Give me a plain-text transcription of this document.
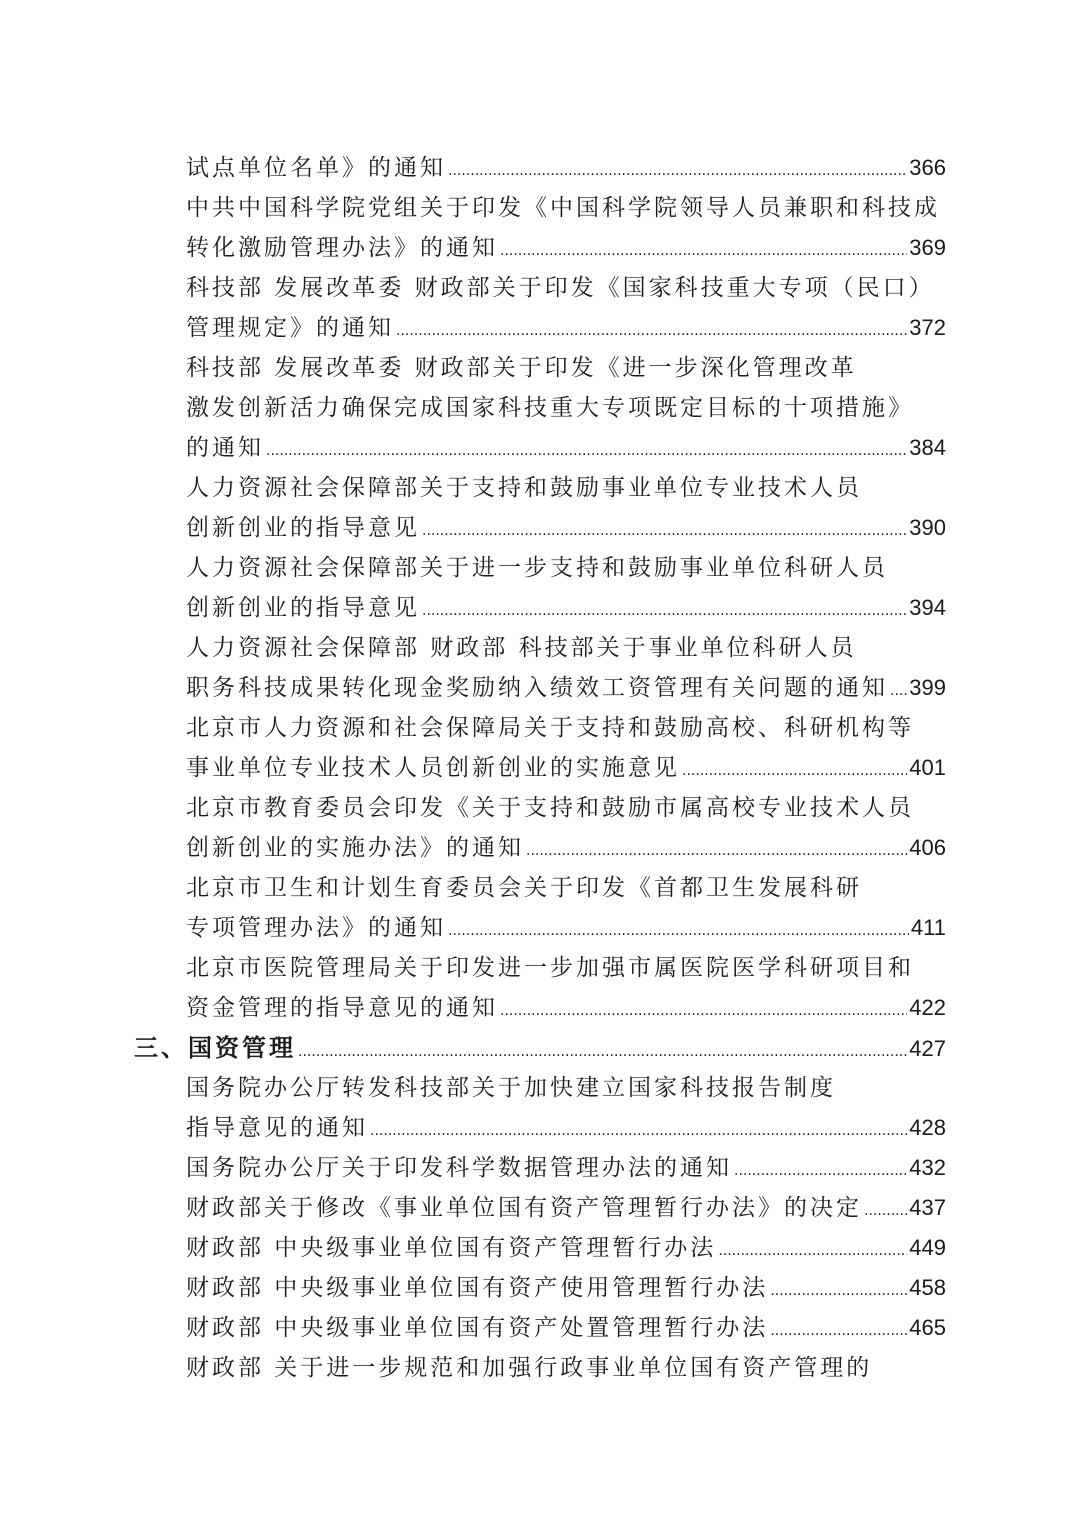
试点单位名单》的通知 .....	366
中共中国科学院党组关于印发《中国科学院领导人员兼职和科技成
转化激励管理办法》的通知 .....	369
科技部 发展改革委 财政部关于印发《国家科技重大专项（民口）
管理规定》的通知 .....	372
科技部 发展改革委 财政部关于印发《进一步深化管理改革
激发创新活力确保完成国家科技重大专项既定目标的十项措施》
的通知 .....	384
人力资源社会保障部关于支持和鼓励事业单位专业技术人员
创新创业的指导意见 .....	390
人力资源社会保障部关于进一步支持和鼓励事业单位科研人员
创新创业的指导意见 .....	394
人力资源社会保障部 财政部 科技部关于事业单位科研人员
职务科技成果转化现金奖励纳入绩效工资管理有关问题的通知 ..... 399
北京市人力资源和社会保障局关于支持和鼓励高校、科研机构等
事业单位专业技术人员创新创业的实施意见 .....	401
北京市教育委员会印发《关于支持和鼓励市属高校专业技术人员
创新创业的实施办法》的通知 .....	406
北京市卫生和计划生育委员会关于印发《首都卫生发展科研
专项管理办法》的通知 .....	411
北京市医院管理局关于印发进一步加强市属医院医学科研项目和
资金管理的指导意见的通知 .....	422
三、国资管理 .....	427
国务院办公厅转发科技部关于加快建立国家科技报告制度
指导意见的通知 .....	428
国务院办公厅关于印发科学数据管理办法的通知 .....	432
财政部关于修改《事业单位国有资产管理暂行办法》的决定 ..... 437
财政部 中央级事业单位国有资产管理暂行办法 .....	449
财政部 中央级事业单位国有资产使用管理暂行办法 .....	458
财政部 中央级事业单位国有资产处置管理暂行办法 .....	465
财政部 关于进一步规范和加强行政事业单位国有资产管理的
